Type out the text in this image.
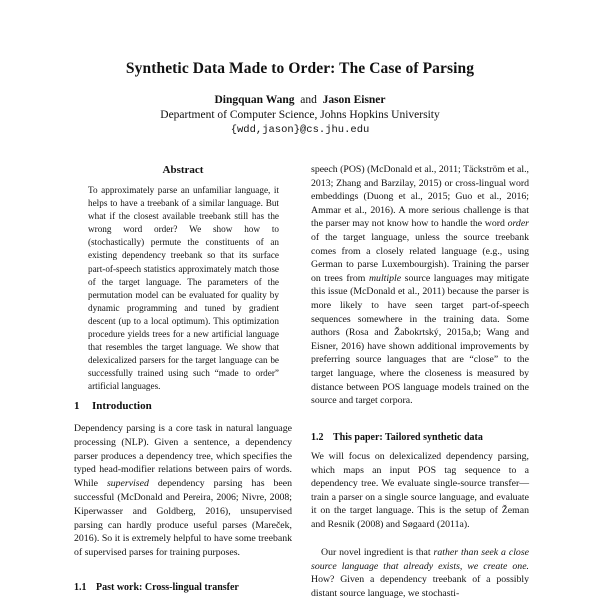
Synthetic Data Made to Order: The Case of Parsing
Dingquan Wang and Jason Eisner
Department of Computer Science, Johns Hopkins University
{wdd,jason}@cs.jhu.edu
Abstract
To approximately parse an unfamiliar language, it helps to have a treebank of a similar language. But what if the closest available treebank still has the wrong word order? We show how to (stochastically) permute the constituents of an existing dependency treebank so that its surface part-of-speech statistics approximately match those of the target language. The parameters of the permutation model can be evaluated for quality by dynamic programming and tuned by gradient descent (up to a local optimum). This optimization procedure yields trees for a new artificial language that resembles the target language. We show that delexicalized parsers for the target language can be successfully trained using such “made to order” artificial languages.
1 Introduction
Dependency parsing is a core task in natural language processing (NLP). Given a sentence, a dependency parser produces a dependency tree, which specifies the typed head-modifier relations between pairs of words. While supervised dependency parsing has been successful (McDonald and Pereira, 2006; Nivre, 2008; Kiperwasser and Goldberg, 2016), unsupervised parsing can hardly produce useful parses (Mareček, 2016). So it is extremely helpful to have some treebank of supervised parses for training purposes.
1.1 Past work: Cross-lingual transfer
speech (POS) (McDonald et al., 2011; Täckström et al., 2013; Zhang and Barzilay, 2015) or cross-lingual word embeddings (Duong et al., 2015; Guo et al., 2016; Ammar et al., 2016). A more serious challenge is that the parser may not know how to handle the word order of the target language, unless the source treebank comes from a closely related language (e.g., using German to parse Luxembourgish). Training the parser on trees from multiple source languages may mitigate this issue (McDonald et al., 2011) because the parser is more likely to have seen target part-of-speech sequences somewhere in the training data. Some authors (Rosa and Žabokrtský, 2015a,b; Wang and Eisner, 2016) have shown additional improvements by preferring source languages that are “close” to the target language, where the closeness is measured by distance between POS language models trained on the source and target corpora.
1.2 This paper: Tailored synthetic data
We will focus on delexicalized dependency parsing, which maps an input POS tag sequence to a dependency tree. We evaluate single-source transfer—train a parser on a single source language, and evaluate it on the target language. This is the setup of Žeman and Resnik (2008) and Søgaard (2011a).
Our novel ingredient is that rather than seek a close source language that already exists, we create one. How? Given a dependency treebank of a possibly distant source language, we stochasti-
